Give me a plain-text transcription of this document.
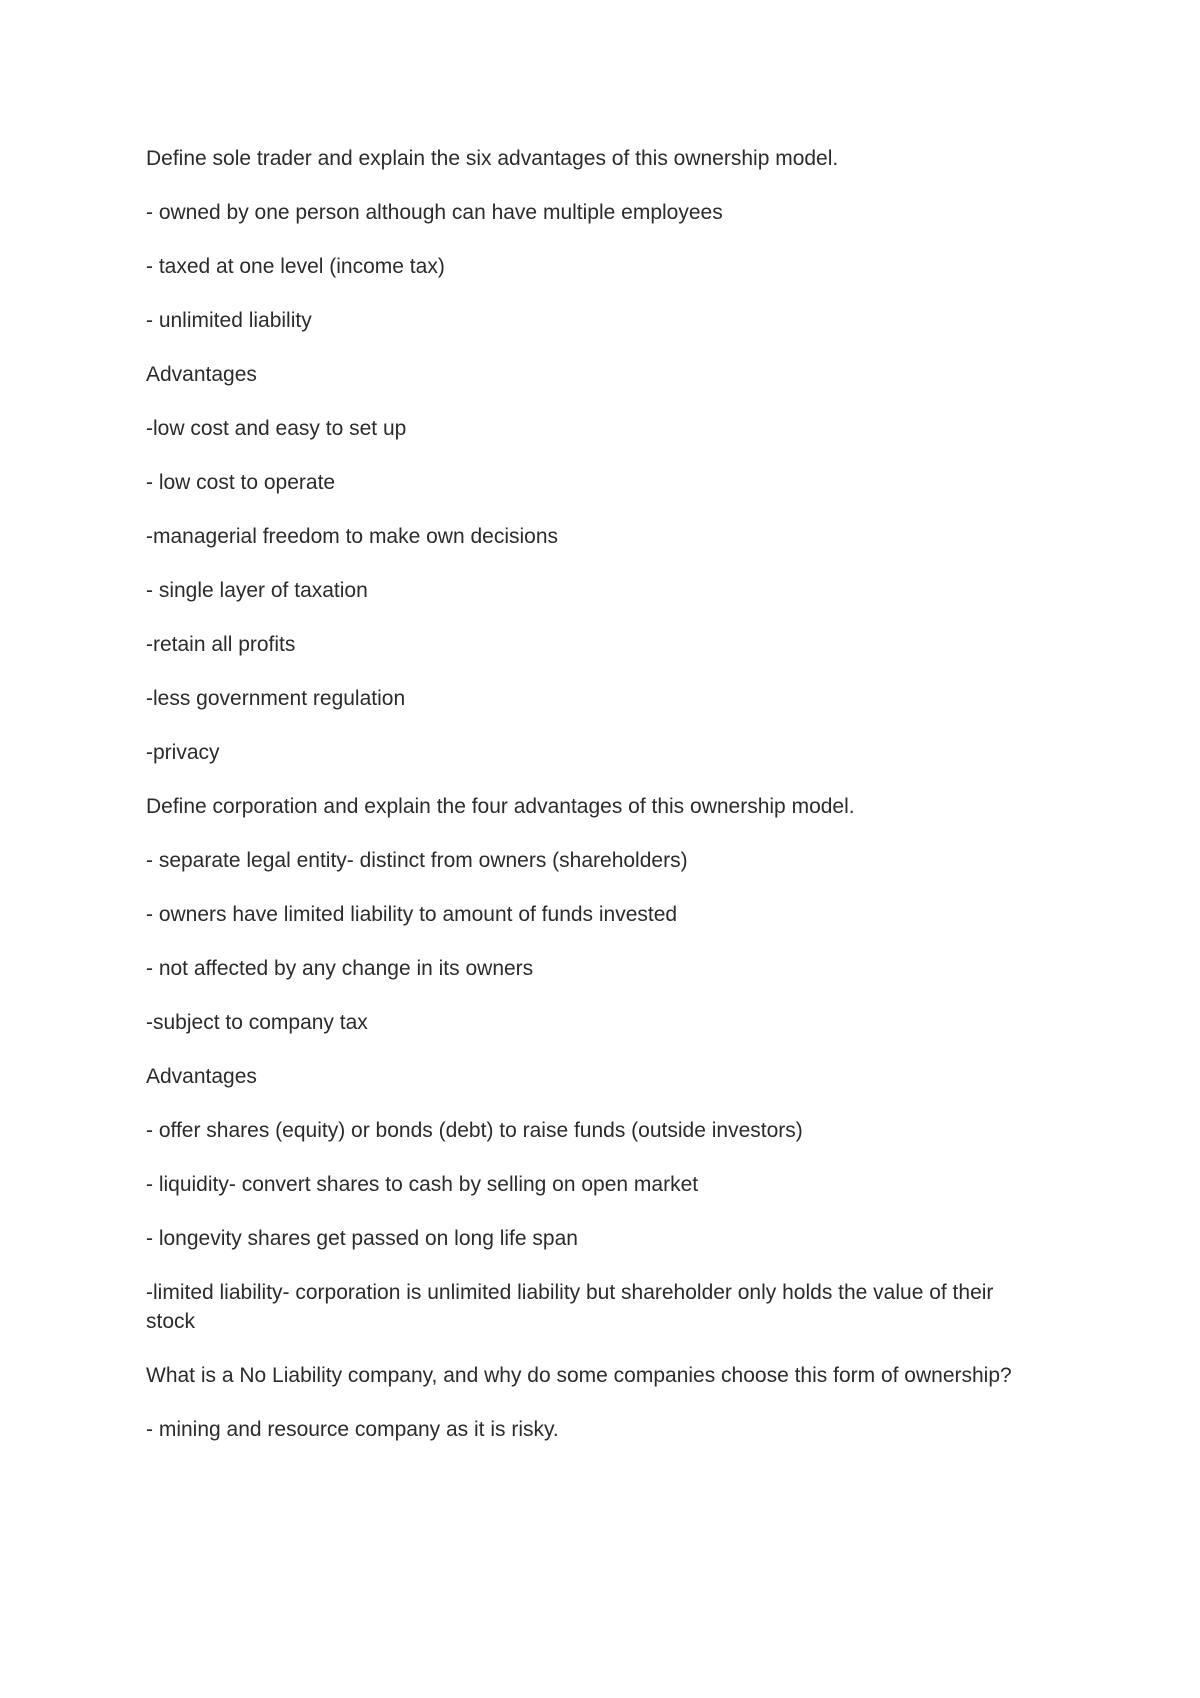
Define sole trader and explain the six advantages of this ownership model.

- owned by one person although can have multiple employees

- taxed at one level (income tax)

- unlimited liability

Advantages

-low cost and easy to set up

- low cost to operate

-managerial freedom to make own decisions

- single layer of taxation

-retain all profits

-less government regulation

-privacy

Define corporation and explain the four advantages of this ownership model.

- separate legal entity- distinct from owners (shareholders)

- owners have limited liability to amount of funds invested

- not affected by any change in its owners

-subject to company tax

Advantages

- offer shares (equity) or bonds (debt) to raise funds (outside investors)

- liquidity- convert shares to cash by selling on open market

- longevity shares get passed on long life span

-limited liability- corporation is unlimited liability but shareholder only holds the value of their stock

What is a No Liability company, and why do some companies choose this form of ownership?

- mining and resource company as it is risky.
